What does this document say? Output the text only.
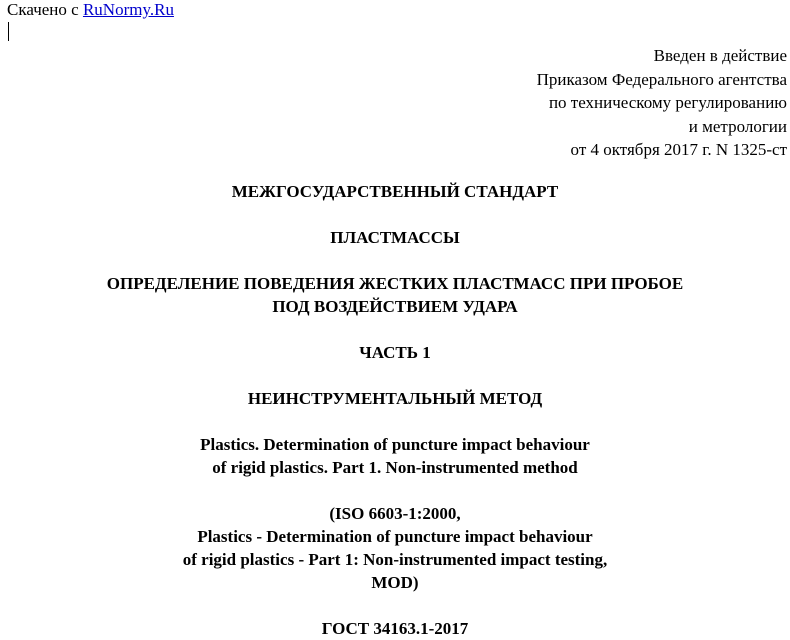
Скачено с RuNormy.Ru
Введен в действие
Приказом Федерального агентства
по техническому регулированию
и метрологии
от 4 октября 2017 г. N 1325-ст
МЕЖГОСУДАРСТВЕННЫЙ СТАНДАРТ
ПЛАСТМАССЫ
ОПРЕДЕЛЕНИЕ ПОВЕДЕНИЯ ЖЕСТКИХ ПЛАСТМАСС ПРИ ПРОБОЕ
ПОД ВОЗДЕЙСТВИЕМ УДАРА
ЧАСТЬ 1
НЕИНСТРУМЕНТАЛЬНЫЙ МЕТОД
Plastics. Determination of puncture impact behaviour
of rigid plastics. Part 1. Non-instrumented method
(ISO 6603-1:2000,
Plastics - Determination of puncture impact behaviour
of rigid plastics - Part 1: Non-instrumented impact testing,
MOD)
ГОСТ 34163.1-2017
